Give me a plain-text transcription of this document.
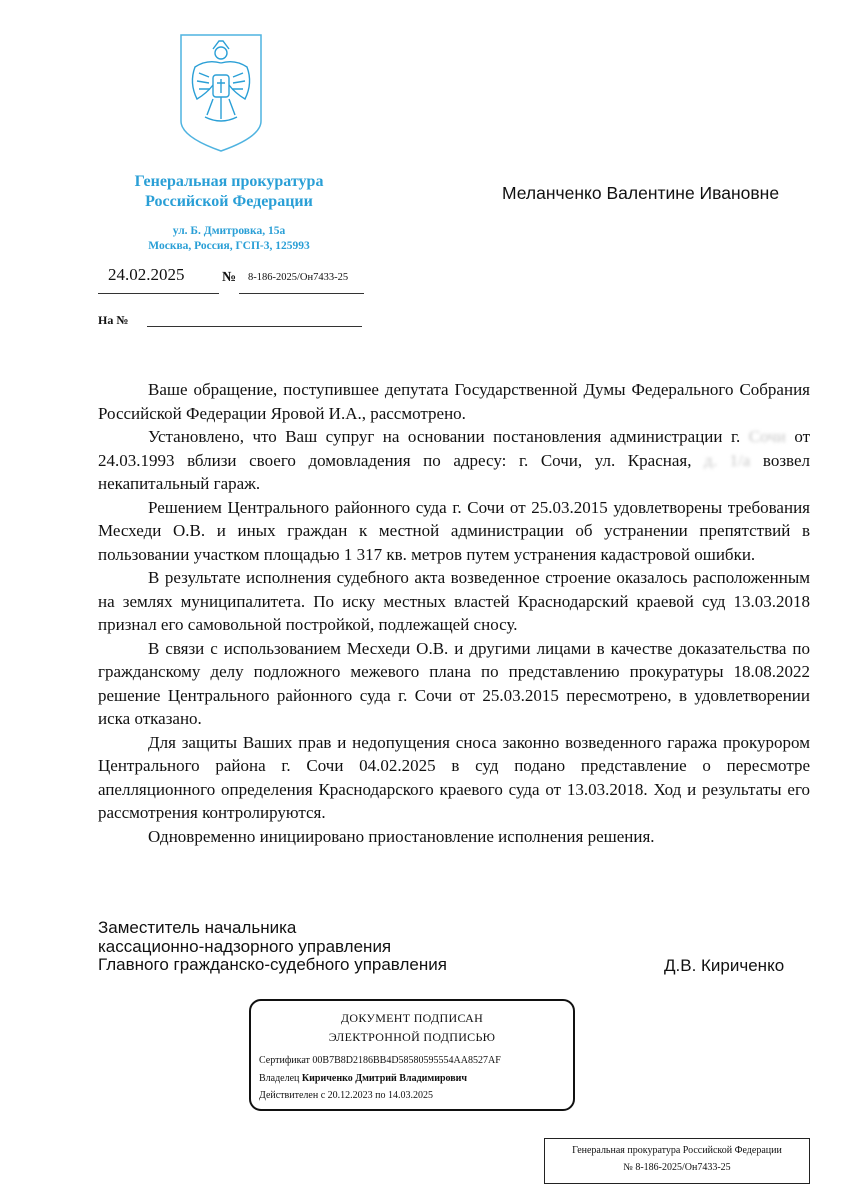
Генеральная прокуратура
Российской Федерации
ул. Б. Дмитровка, 15а
Москва, Россия, ГСП-3, 125993
24.02.2025	№ 8-186-2025/Он7433-25
На №
Меланченко Валентине Ивановне

Ваше обращение, поступившее депутата Государственной Думы Федерального Собрания Российской Федерации Яровой И.А., рассмотрено.

Установлено, что Ваш супруг на основании постановления администрации г. Сочи от 24.03.1993 вблизи своего домовладения по адресу: г. Сочи, ул. Красная, д. 1/а возвел некапитальный гараж.

Решением Центрального районного суда г. Сочи от 25.03.2015 удовлетворены требования Месхеди О.В. и иных граждан к местной администрации об устранении препятствий в пользовании участком площадью 1 317 кв. метров путем устранения кадастровой ошибки.

В результате исполнения судебного акта возведенное строение оказалось расположенным на землях муниципалитета. По иску местных властей Краснодарский краевой суд 13.03.2018 признал его самовольной постройкой, подлежащей сносу.

В связи с использованием Месхеди О.В. и другими лицами в качестве доказательства по гражданскому делу подложного межевого плана по представлению прокуратуры 18.08.2022 решение Центрального районного суда г. Сочи от 25.03.2015 пересмотрено, в удовлетворении иска отказано.

Для защиты Ваших прав и недопущения сноса законно возведенного гаража прокурором Центрального района г. Сочи 04.02.2025 в суд подано представление о пересмотре апелляционного определения Краснодарского краевого суда от 13.03.2018. Ход и результаты его рассмотрения контролируются.

Одновременно инициировано приостановление исполнения решения.

Заместитель начальника
кассационно-надзорного управления
Главного гражданско-судебного управления	Д.В. Кириченко
ДОКУМЕНТ ПОДПИСАН
ЭЛЕКТРОННОЙ ПОДПИСЬЮ
Сертификат 00B7B8D2186BB4D58580595554AA8527AF
Владелец Кириченко Дмитрий Владимирович
Действителен с 20.12.2023 по 14.03.2025
Генеральная прокуратура Российской Федерации
№ 8-186-2025/Он7433-25
